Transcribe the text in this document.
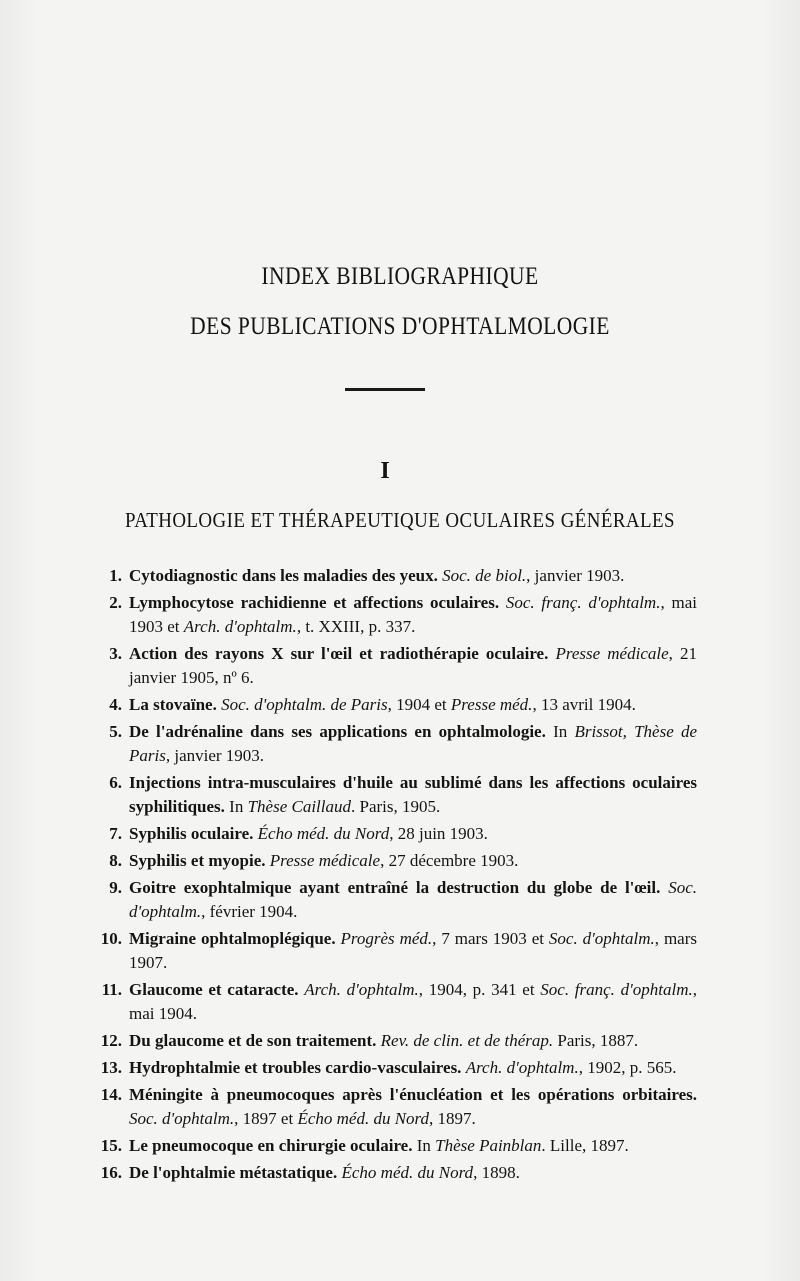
INDEX BIBLIOGRAPHIQUE
DES PUBLICATIONS D'OPHTALMOLOGIE
I
PATHOLOGIE ET THÉRAPEUTIQUE OCULAIRES GÉNÉRALES
1. Cytodiagnostic dans les maladies des yeux. Soc. de biol., janvier 1903.
2. Lymphocytose rachidienne et affections oculaires. Soc. franç. d'ophtalm., mai 1903 et Arch. d'ophtalm., t. XXIII, p. 337.
3. Action des rayons X sur l'œil et radiothérapie oculaire. Presse médicale, 21 janvier 1905, nº 6.
4. La stovaïne. Soc. d'ophtalm. de Paris, 1904 et Presse méd., 13 avril 1904.
5. De l'adrénaline dans ses applications en ophtalmologie. In Brissot, Thèse de Paris, janvier 1903.
6. Injections intra-musculaires d'huile au sublimé dans les affections oculaires syphilitiques. In Thèse Caillaud. Paris, 1905.
7. Syphilis oculaire. Écho méd. du Nord, 28 juin 1903.
8. Syphilis et myopie. Presse médicale, 27 décembre 1903.
9. Goitre exophtalmique ayant entraîné la destruction du globe de l'œil. Soc. d'ophtalm., février 1904.
10. Migraine ophtalmoplégique. Progrès méd., 7 mars 1903 et Soc. d'ophtalm., mars 1907.
11. Glaucome et cataracte. Arch. d'ophtalm., 1904, p. 341 et Soc. franç. d'ophtalm., mai 1904.
12. Du glaucome et de son traitement. Rev. de clin. et de thérap. Paris, 1887.
13. Hydrophtalmie et troubles cardio-vasculaires. Arch. d'ophtalm., 1902, p. 565.
14. Méningite à pneumocoques après l'énucléation et les opérations orbitaires. Soc. d'ophtalm., 1897 et Écho méd. du Nord, 1897.
15. Le pneumocoque en chirurgie oculaire. In Thèse Painblan. Lille, 1897.
16. De l'ophtalmie métastatique. Écho méd. du Nord, 1898.
